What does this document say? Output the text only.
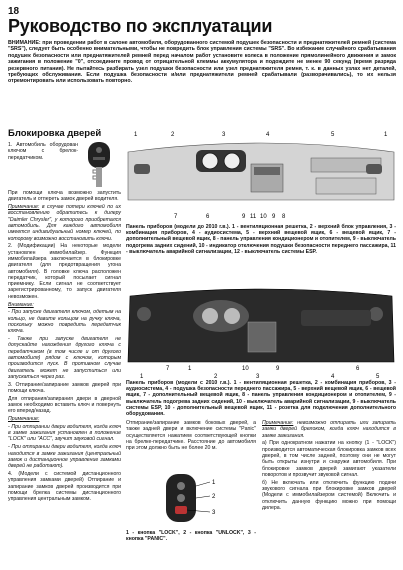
18
Руководство по эксплуатации
ВНИМАНИЕ: при проведении работ в салоне автомобиля, оборудованного системой подушек безопасности и преднатяжителей ремней (система "SRS"), следует быть особенно внимательными, чтобы не повредить блок управления системы "SRS". Во избежание случайного срабатывания подушек безопасности или преднатяжителей ремней перед началом работ установите колеса в положение прямолинейного движения и замок зажигания в положение "0", отсоедините провод от отрицательной клеммы аккумулятора и подождите не менее 90 секунд (время разряда резервного питания). Не пытайтесь разбирать узел подушки безопасности или узел преднатяжителя ремня, т. к. в данных узлах нет деталей, требующих обслуживания. Если подушка безопасности и/или преднатяжители ремней срабатывали (разворачивались), то их нельзя отремонтировать или использовать повторно.
Блокировка дверей

1. Автомобиль оборудован ключом с брелок-передатчиком.

При помощи ключа возможно запустить двигатель и отпереть замок дверей водителя.

Примечание: в случае потери ключей по их восстановлению обратитесь к дилеру "Daimler Chrysler", у которого приобретался автомобиль. Для каждого автомобиля имеется индивидуальный номер ключей, по которому возможно восстановить ключи.

2. (Модификации) На некоторые модели установлен иммобилайзер. Функция иммобилайзера заключается в блокировке двигателя (для предотвращения угона автомобиля). В головке ключа расположен передатчик, который посылает сигнал приемнику. Если сигнал не соответствует зарегистрированному, то запуск двигателя невозможен.

Внимание:

- При запуске двигателя ключом, одетым на кольцо, не давите кольцом на ручку ключа, поскольку можно повредить передатчик ключа.

- Также при запуске двигателя не допускайте нахождения другого ключа с передатчиком (в том числе и от другого автомобиля) рядом с ключом, которым производится пуск. В противном случае двигатель может не запуститься или запускаться через раз.

3. Отпирание/запирание замков дверей при помощи ключа.

Для отпирания/запирания двери в дверной замок необходимо вставить ключ и повернуть его вперед/назад.

Примечание:

- При отпирании двери водителя, когда ключ в замке зажигания установлен в положение "LOCK" или "ACC", звучит звуковой сигнал.

- При отпирании двери водителя, когда ключ находится в замке зажигания (центральный замок и дистанционное управление замками дверей не работают).

4. (Модели с системой дистанционного управления замками дверей) Отпирание и запирание замков дверей производится при помощи брелка системы дистанционного управления центральным замком.

1	2	3	4	5	1
7	6	9 11 10 9 8
Панель приборов (модели до 2010 г.в.). 1 - вентиляционная решетка, 2 - верхний блок управления, 3 - комбинация приборов, 4 - аудиосистема, 5 - верхний вещевой ящик, 6 - вещевой ящик, 7 - дополнительный вещевой ящик, 8 - панель управления кондиционером и отопителем, 9 - выключатель подогрева задних сидений, 10 - индикатор отключения подушки безопасности переднего пассажира, 11 - выключатель аварийной сигнализации, 12 - выключатель системы ESP.
1	2	3	4	5
7	1	10	9	6
Панель приборов (модели с 2010 г.в.). 1 - вентиляционная решетка, 2 - комбинация приборов, 3 - аудиосистема, 4 - подушка безопасности переднего пассажира, 5 - верхний вещевой ящик, 6 - вещевой ящик, 7 - дополнительный вещевой ящик, 8 - панель управления кондиционером и отопителем, 9 - выключатель подогрева задних сидений, 10 - выключатель аварийной сигнализации, 9 - выключатель системы ESP, 10 - дополнительный вещевой ящик, 11 - розетка для подключения дополнительного оборудования.

Отпирание/запирание замков боковых дверей, а также задней двери и включение системы "Panic" осуществляется нажатием соответствующей кнопки на брелке-передатчике. Расстояние до автомобиля при этом должно быть не более 20 м.

1
2
3
1 - кнопка "LOCK", 2 - кнопка "UNLOCK", 3 - кнопка "PANIC".

Примечание: невозможно отпирать или запирать замки дверей брелоком, когда ключ находится в замке зажигания.

а) При однократном нажатии на кнопку (1 - "LOCK") производится автоматическая блокировка замков всех дверей, в том числе задней, поэтому они не могут быть открыты изнутри и снаружи автомобиля. При блокировке замков дверей замигают указатели поворотов и прозвучит звуковой сигнал.

б) Не включать или отключить функцию подачи звукового сигнала при блокировке замков дверей (Модели с иммобилайзером системой) Включить и отключить данную функцию можно при помощи дилера.
